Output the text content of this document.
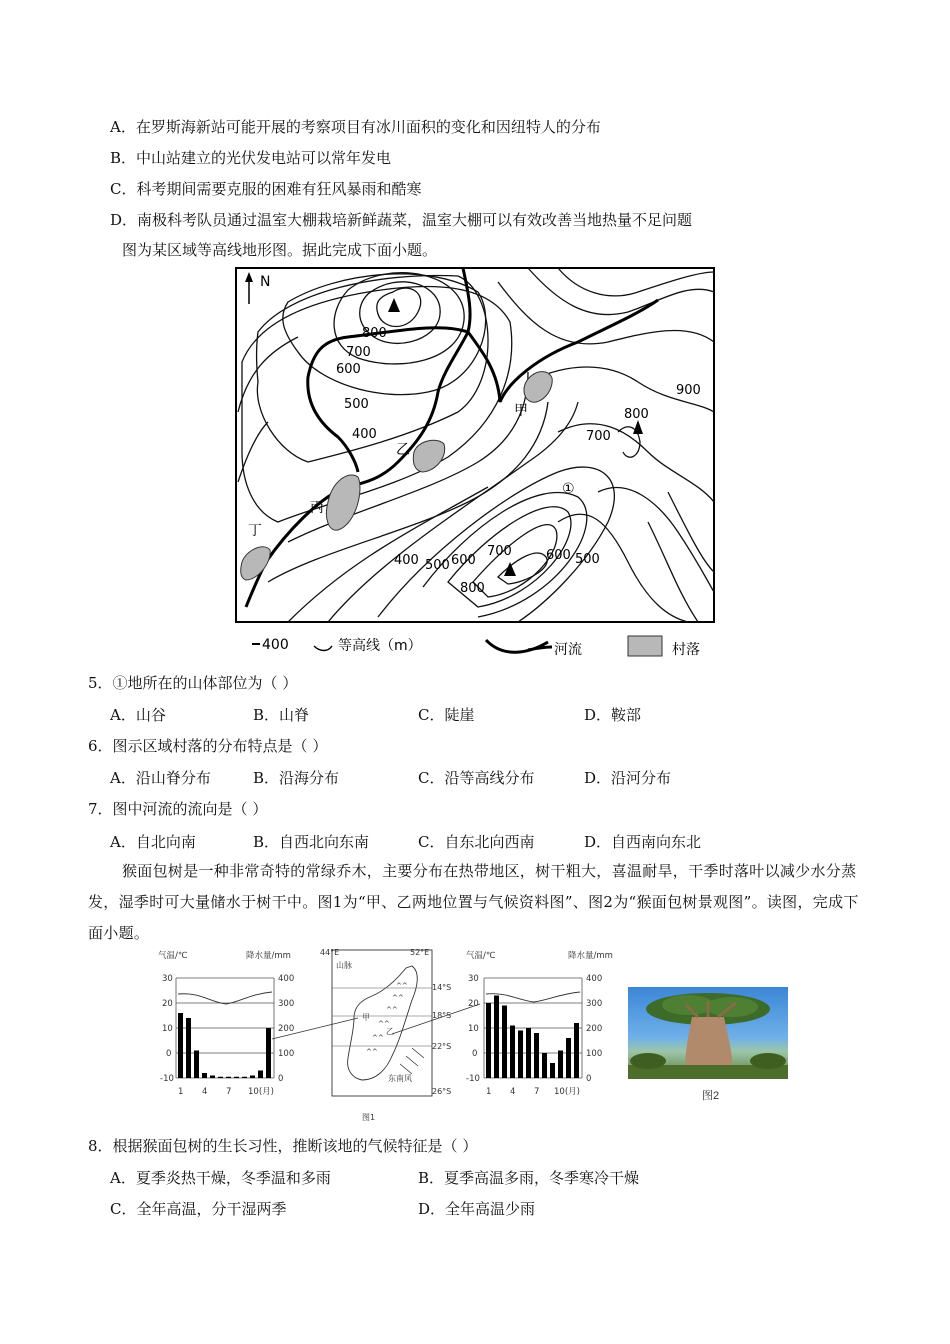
A．在罗斯海新站可能开展的考察项目有冰川面积的变化和因纽特人的分布
B．中山站建立的光伏发电站可以常年发电
C．科考期间需要克服的困难有狂风暴雨和酷寒
D．南极科考队员通过温室大棚栽培新鲜蔬菜，温室大棚可以有效改善当地热量不足问题
图为某区域等高线地形图。据此完成下面小题。
N
800
700
600
500
400
900
800
700
400 500 600
700
800
600 500
甲
乙
丙
丁
①
400	等高线（m）	河流	村落
5．①地所在的山体部位为（ ）
A．山谷	B．山脊	C．陡崖	D．鞍部
6．图示区域村落的分布特点是（ ）
A．沿山脊分布	B．沿海分布	C．沿等高线分布	D．沿河分布
7．图中河流的流向是（ ）
A．自北向南	B．自西北向东南	C．自东北向西南	D．自西南向东北
猴面包树是一种非常奇特的常绿乔木，主要分布在热带地区，树干粗大，喜温耐旱，干季时落叶以减少水分蒸发，湿季时可大量储水于树干中。图1为“甲、乙两地位置与气候资料图”、图2为“猴面包树景观图”。读图，完成下面小题。
气温/℃	降水量/mm
30
20
10
0
-10
400
300
200
100
0
1 4 7 10(月)
44°E	52°E
山脉
14°S
18°S
22°S
26°S
东南风
甲
乙
图1
^^
^^
^^
^^
^^
^^
气温/℃	降水量/mm
30
20
10
0
-10
400
300
200
100
0
1 4 7 10(月)	图2
8．根据猴面包树的生长习性，推断该地的气候特征是（ ）
A．夏季炎热干燥，冬季温和多雨	B．夏季高温多雨，冬季寒冷干燥
C．全年高温，分干湿两季	D．全年高温少雨
